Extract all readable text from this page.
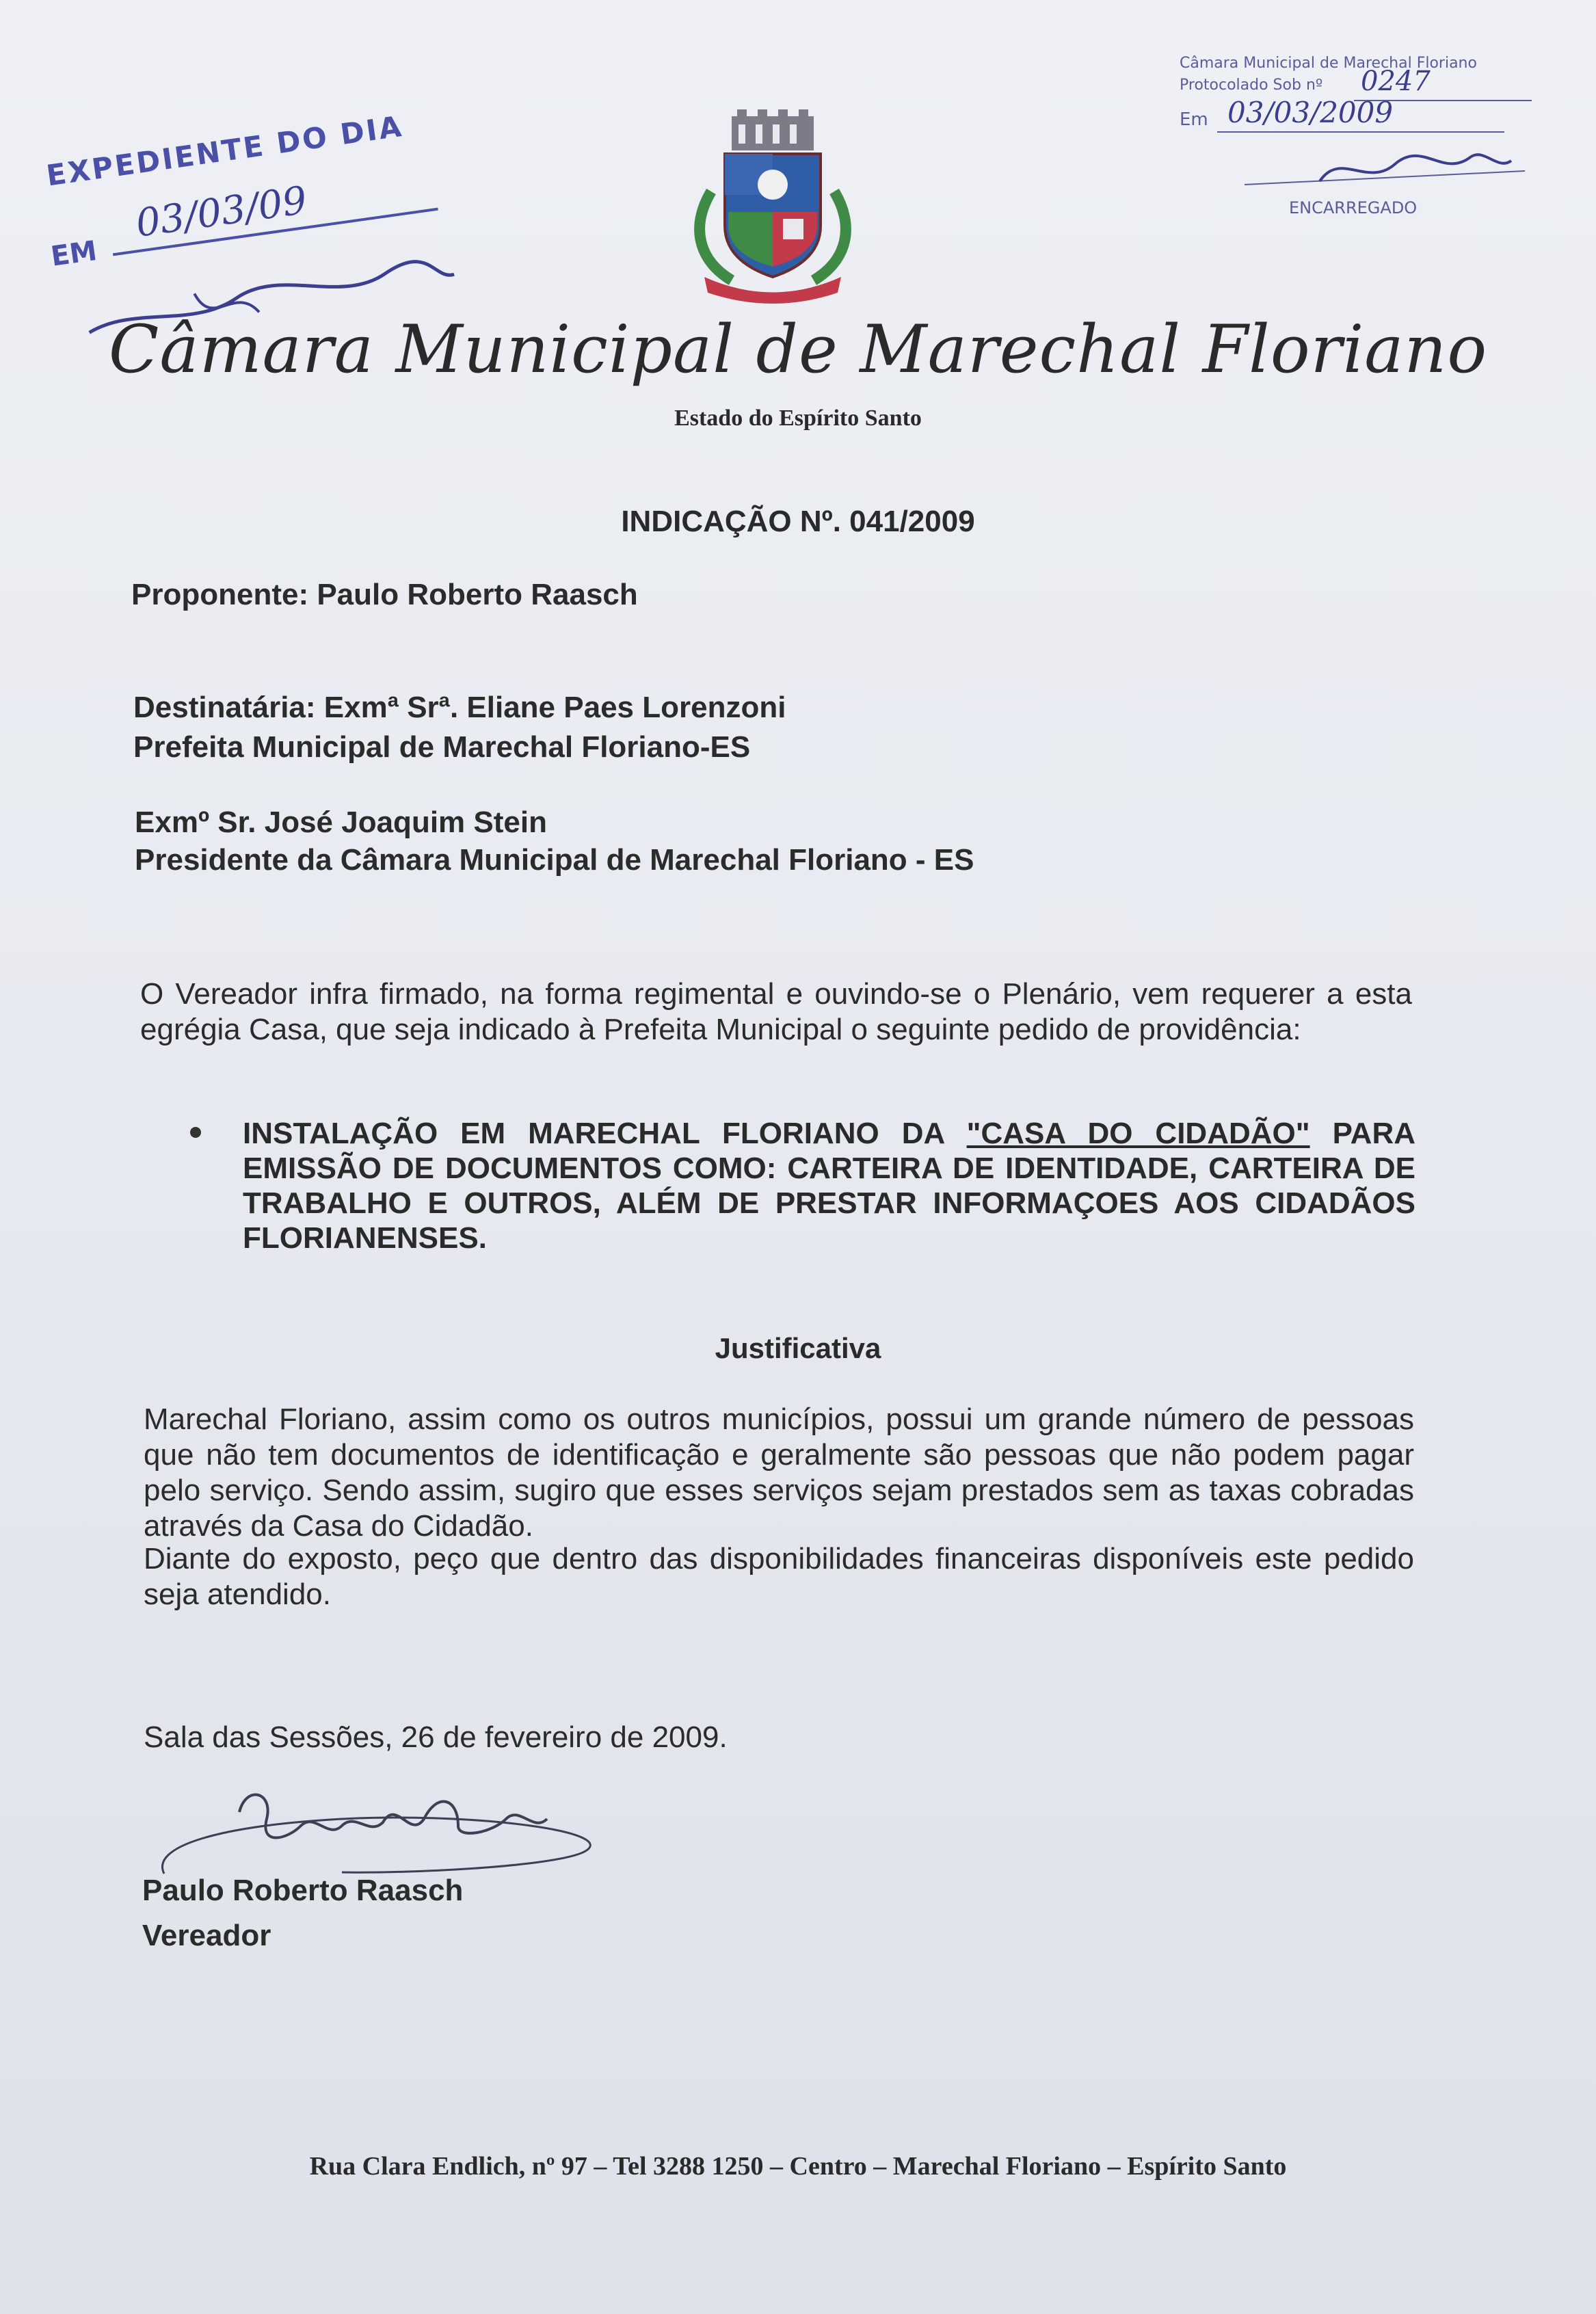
EXPEDIENTE DO DIA
EM
03/03/09
Câmara Municipal de Marechal Floriano
Protocolado Sob nº 0247
Em 03/03/2009
ENCARREGADO
Câmara Municipal de Marechal Floriano
Estado do Espírito Santo
INDICAÇÃO Nº. 041/2009
Proponente: Paulo Roberto Raasch
Destinatária: Exmª Srª. Eliane Paes Lorenzoni
Prefeita Municipal de Marechal Floriano-ES
Exmº Sr. José Joaquim Stein
Presidente da Câmara Municipal de Marechal Floriano - ES
O Vereador infra firmado, na forma regimental e ouvindo-se o Plenário, vem requerer a esta egrégia Casa, que seja indicado à Prefeita Municipal o seguinte pedido de providência:
INSTALAÇÃO EM MARECHAL FLORIANO DA "CASA DO CIDADÃO" PARA EMISSÃO DE DOCUMENTOS COMO: CARTEIRA DE IDENTIDADE, CARTEIRA DE TRABALHO E OUTROS, ALÉM DE PRESTAR INFORMAÇOES AOS CIDADÃOS FLORIANENSES.
Justificativa
Marechal Floriano, assim como os outros municípios, possui um grande número de pessoas que não tem documentos de identificação e geralmente são pessoas que não podem pagar pelo serviço. Sendo assim, sugiro que esses serviços sejam prestados sem as taxas cobradas através da Casa do Cidadão.
Diante do exposto, peço que dentro das disponibilidades financeiras disponíveis este pedido seja atendido.
Sala das Sessões, 26 de fevereiro de 2009.
Paulo Roberto Raasch
Vereador
Rua Clara Endlich, nº 97 – Tel 3288 1250 – Centro – Marechal Floriano – Espírito Santo
